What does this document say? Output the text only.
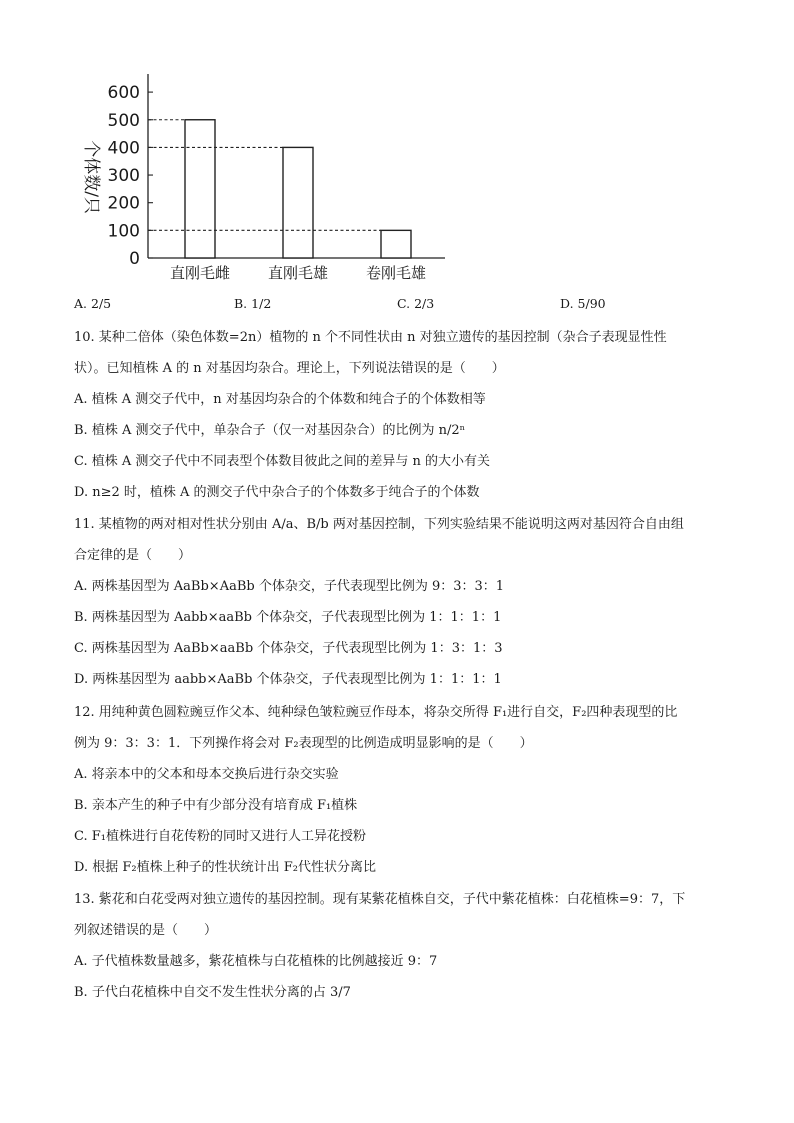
0
100
200
300
400
500
600
个体数/只
直刚毛雌	直刚毛雄	卷刚毛雄
A. 2/5	B. 1/2	C. 2/3	D. 5/90

10. 某种二倍体（染色体数=2n）植物的 n 个不同性状由 n 对独立遗传的基因控制（杂合子表现显性性

状）。已知植株 A 的 n 对基因均杂合。理论上，下列说法错误的是（　　）

A. 植株 A 测交子代中，n 对基因均杂合的个体数和纯合子的个体数相等

B. 植株 A 测交子代中，单杂合子（仅一对基因杂合）的比例为 n/2ⁿ

C. 植株 A 测交子代中不同表型个体数目彼此之间的差异与 n 的大小有关

D. n≥2 时，植株 A 的测交子代中杂合子的个体数多于纯合子的个体数

11. 某植物的两对相对性状分别由 A/a、B/b 两对基因控制，下列实验结果不能说明这两对基因符合自由组

合定律的是（　　）

A. 两株基因型为 AaBb×AaBb 个体杂交，子代表现型比例为 9：3：3：1

B. 两株基因型为 Aabb×aaBb 个体杂交，子代表现型比例为 1：1：1：1

C. 两株基因型为 AaBb×aaBb 个体杂交，子代表现型比例为 1：3：1：3

D. 两株基因型为 aabb×AaBb 个体杂交，子代表现型比例为 1：1：1：1

12. 用纯种黄色圆粒豌豆作父本、纯种绿色皱粒豌豆作母本，将杂交所得 F₁进行自交，F₂四种表现型的比

例为 9：3：3：1．下列操作将会对 F₂表现型的比例造成明显影响的是（　　）

A. 将亲本中的父本和母本交换后进行杂交实验

B. 亲本产生的种子中有少部分没有培育成 F₁植株

C. F₁植株进行自花传粉的同时又进行人工异花授粉

D. 根据 F₂植株上种子的性状统计出 F₂代性状分离比

13. 紫花和白花受两对独立遗传的基因控制。现有某紫花植株自交，子代中紫花植株：白花植株=9：7，下

列叙述错误的是（　　）

A. 子代植株数量越多，紫花植株与白花植株的比例越接近 9：7

B. 子代白花植株中自交不发生性状分离的占 3/7
